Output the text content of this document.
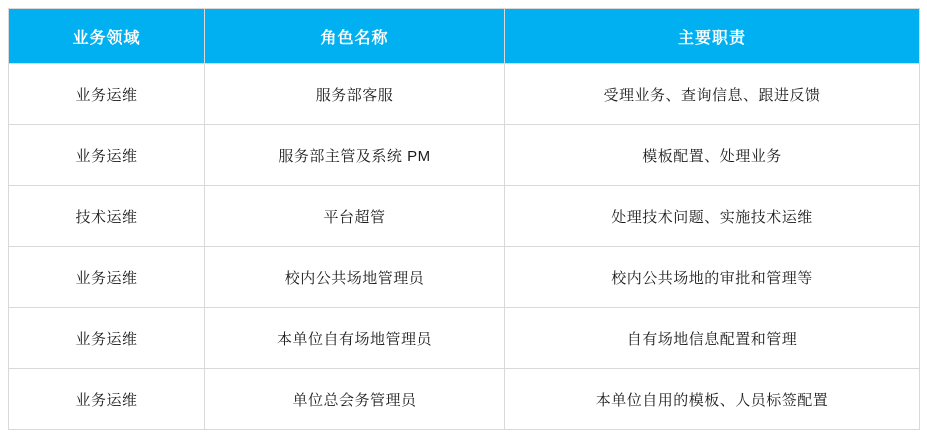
业务领域	角色名称	主要职责
业务运维	服务部客服	受理业务、查询信息、跟进反馈
业务运维	服务部主管及系统 PM	模板配置、处理业务
技术运维	平台超管	处理技术问题、实施技术运维
业务运维	校内公共场地管理员	校内公共场地的审批和管理等
业务运维	本单位自有场地管理员	自有场地信息配置和管理
业务运维	单位总会务管理员	本单位自用的模板、人员标签配置
